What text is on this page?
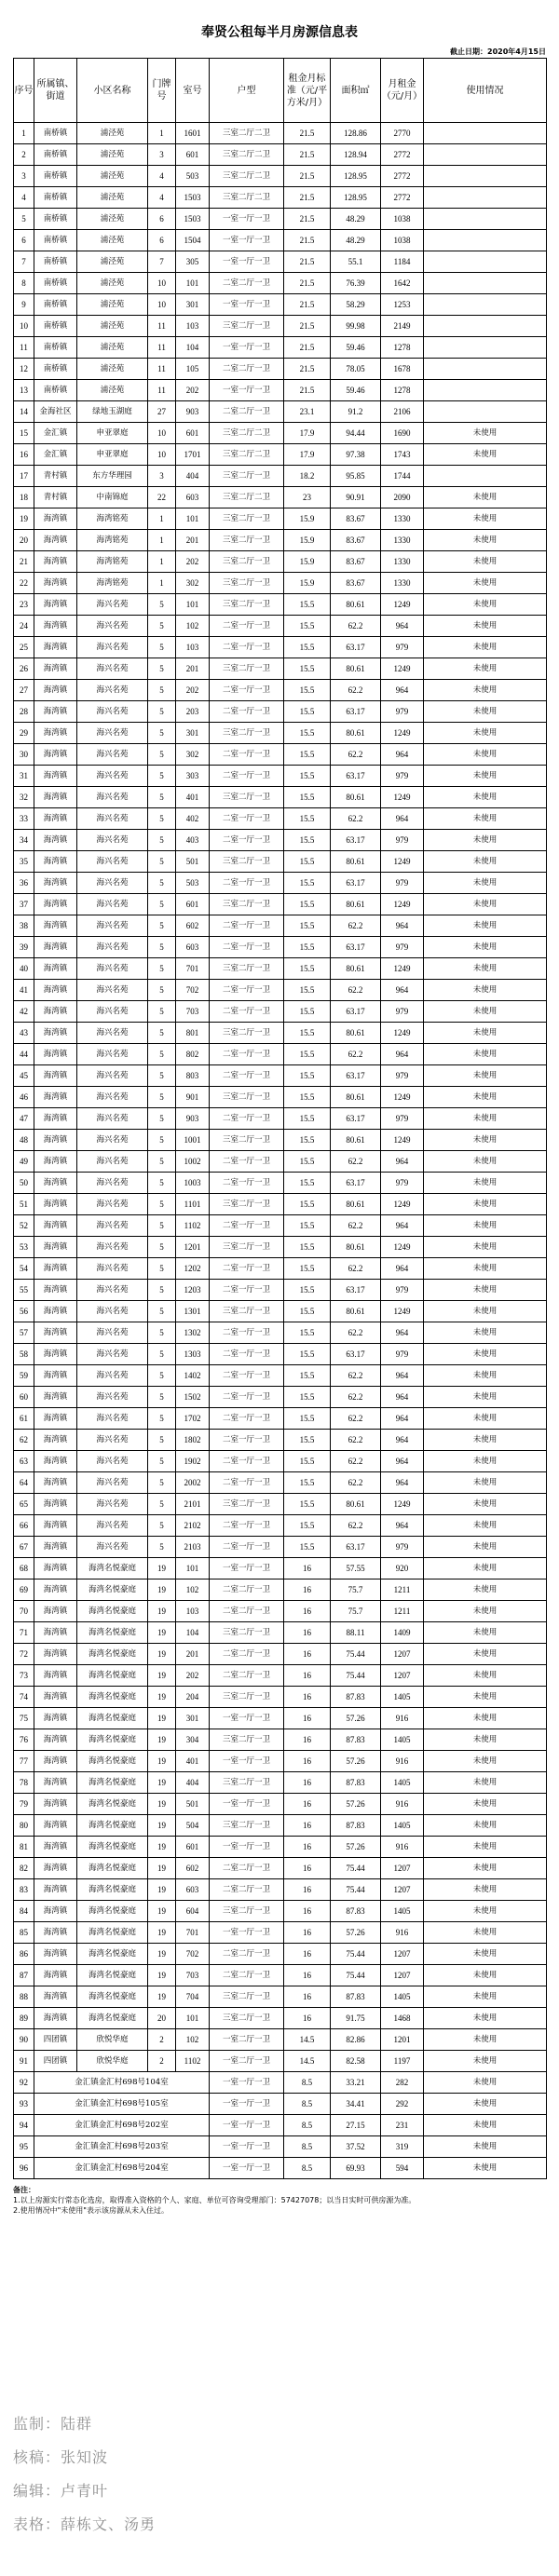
奉贤公租每半月房源信息表
截止日期：2020年4月15日
序号	所属镇、街道	小区名称	门牌号	室号	户型	租金月标准（元/平方米/月）	面积㎡	月租金（元/月）	使用情况
1	南桥镇	浦泾苑	1	1601	三室二厅二卫	21.5	128.86	2770	
2	南桥镇	浦泾苑	3	601	三室二厅二卫	21.5	128.94	2772	
3	南桥镇	浦泾苑	4	503	三室二厅二卫	21.5	128.95	2772	
4	南桥镇	浦泾苑	4	1503	三室二厅二卫	21.5	128.95	2772	
5	南桥镇	浦泾苑	6	1503	一室一厅一卫	21.5	48.29	1038	
6	南桥镇	浦泾苑	6	1504	一室一厅一卫	21.5	48.29	1038	
7	南桥镇	浦泾苑	7	305	一室一厅一卫	21.5	55.1	1184	
8	南桥镇	浦泾苑	10	101	二室二厅一卫	21.5	76.39	1642	
9	南桥镇	浦泾苑	10	301	一室一厅一卫	21.5	58.29	1253	
10	南桥镇	浦泾苑	11	103	三室二厅一卫	21.5	99.98	2149	
11	南桥镇	浦泾苑	11	104	一室一厅一卫	21.5	59.46	1278	
12	南桥镇	浦泾苑	11	105	二室二厅一卫	21.5	78.05	1678	
13	南桥镇	浦泾苑	11	202	一室一厅一卫	21.5	59.46	1278	
14	金海社区	绿地玉湖庭	27	903	二室二厅一卫	23.1	91.2	2106	
15	金汇镇	申亚翠庭	10	601	三室二厅二卫	17.9	94.44	1690	未使用
16	金汇镇	申亚翠庭	10	1701	三室二厅二卫	17.9	97.38	1743	未使用
17	青村镇	东方华理园	3	404	三室二厅一卫	18.2	95.85	1744	
18	青村镇	中南锦庭	22	603	三室二厅二卫	23	90.91	2090	未使用
19	海湾镇	海湾铭苑	1	101	三室二厅一卫	15.9	83.67	1330	未使用
20	海湾镇	海湾铭苑	1	201	三室二厅一卫	15.9	83.67	1330	未使用
21	海湾镇	海湾铭苑	1	202	三室二厅一卫	15.9	83.67	1330	未使用
22	海湾镇	海湾铭苑	1	302	三室二厅一卫	15.9	83.67	1330	未使用
23	海湾镇	海兴名苑	5	101	三室二厅一卫	15.5	80.61	1249	未使用
24	海湾镇	海兴名苑	5	102	二室一厅一卫	15.5	62.2	964	未使用
25	海湾镇	海兴名苑	5	103	二室一厅一卫	15.5	63.17	979	未使用
26	海湾镇	海兴名苑	5	201	三室二厅一卫	15.5	80.61	1249	未使用
27	海湾镇	海兴名苑	5	202	二室一厅一卫	15.5	62.2	964	未使用
28	海湾镇	海兴名苑	5	203	二室一厅一卫	15.5	63.17	979	未使用
29	海湾镇	海兴名苑	5	301	三室二厅一卫	15.5	80.61	1249	未使用
30	海湾镇	海兴名苑	5	302	二室一厅一卫	15.5	62.2	964	未使用
31	海湾镇	海兴名苑	5	303	二室一厅一卫	15.5	63.17	979	未使用
32	海湾镇	海兴名苑	5	401	三室二厅一卫	15.5	80.61	1249	未使用
33	海湾镇	海兴名苑	5	402	二室一厅一卫	15.5	62.2	964	未使用
34	海湾镇	海兴名苑	5	403	二室一厅一卫	15.5	63.17	979	未使用
35	海湾镇	海兴名苑	5	501	三室二厅一卫	15.5	80.61	1249	未使用
36	海湾镇	海兴名苑	5	503	二室一厅一卫	15.5	63.17	979	未使用
37	海湾镇	海兴名苑	5	601	三室二厅一卫	15.5	80.61	1249	未使用
38	海湾镇	海兴名苑	5	602	二室一厅一卫	15.5	62.2	964	未使用
39	海湾镇	海兴名苑	5	603	二室一厅一卫	15.5	63.17	979	未使用
40	海湾镇	海兴名苑	5	701	三室二厅一卫	15.5	80.61	1249	未使用
41	海湾镇	海兴名苑	5	702	二室一厅一卫	15.5	62.2	964	未使用
42	海湾镇	海兴名苑	5	703	二室一厅一卫	15.5	63.17	979	未使用
43	海湾镇	海兴名苑	5	801	三室二厅一卫	15.5	80.61	1249	未使用
44	海湾镇	海兴名苑	5	802	二室一厅一卫	15.5	62.2	964	未使用
45	海湾镇	海兴名苑	5	803	二室一厅一卫	15.5	63.17	979	未使用
46	海湾镇	海兴名苑	5	901	三室二厅一卫	15.5	80.61	1249	未使用
47	海湾镇	海兴名苑	5	903	二室一厅一卫	15.5	63.17	979	未使用
48	海湾镇	海兴名苑	5	1001	三室二厅一卫	15.5	80.61	1249	未使用
49	海湾镇	海兴名苑	5	1002	二室一厅一卫	15.5	62.2	964	未使用
50	海湾镇	海兴名苑	5	1003	二室一厅一卫	15.5	63.17	979	未使用
51	海湾镇	海兴名苑	5	1101	三室二厅一卫	15.5	80.61	1249	未使用
52	海湾镇	海兴名苑	5	1102	二室一厅一卫	15.5	62.2	964	未使用
53	海湾镇	海兴名苑	5	1201	三室二厅一卫	15.5	80.61	1249	未使用
54	海湾镇	海兴名苑	5	1202	二室一厅一卫	15.5	62.2	964	未使用
55	海湾镇	海兴名苑	5	1203	二室一厅一卫	15.5	63.17	979	未使用
56	海湾镇	海兴名苑	5	1301	三室二厅一卫	15.5	80.61	1249	未使用
57	海湾镇	海兴名苑	5	1302	二室一厅一卫	15.5	62.2	964	未使用
58	海湾镇	海兴名苑	5	1303	二室一厅一卫	15.5	63.17	979	未使用
59	海湾镇	海兴名苑	5	1402	二室一厅一卫	15.5	62.2	964	未使用
60	海湾镇	海兴名苑	5	1502	二室一厅一卫	15.5	62.2	964	未使用
61	海湾镇	海兴名苑	5	1702	二室一厅一卫	15.5	62.2	964	未使用
62	海湾镇	海兴名苑	5	1802	二室一厅一卫	15.5	62.2	964	未使用
63	海湾镇	海兴名苑	5	1902	二室一厅一卫	15.5	62.2	964	未使用
64	海湾镇	海兴名苑	5	2002	二室一厅一卫	15.5	62.2	964	未使用
65	海湾镇	海兴名苑	5	2101	三室二厅一卫	15.5	80.61	1249	未使用
66	海湾镇	海兴名苑	5	2102	二室一厅一卫	15.5	62.2	964	未使用
67	海湾镇	海兴名苑	5	2103	二室一厅一卫	15.5	63.17	979	未使用
68	海湾镇	海湾名悦豪庭	19	101	一室一厅一卫	16	57.55	920	未使用
69	海湾镇	海湾名悦豪庭	19	102	二室二厅一卫	16	75.7	1211	未使用
70	海湾镇	海湾名悦豪庭	19	103	二室二厅一卫	16	75.7	1211	未使用
71	海湾镇	海湾名悦豪庭	19	104	三室二厅一卫	16	88.11	1409	未使用
72	海湾镇	海湾名悦豪庭	19	201	二室二厅一卫	16	75.44	1207	未使用
73	海湾镇	海湾名悦豪庭	19	202	二室二厅一卫	16	75.44	1207	未使用
74	海湾镇	海湾名悦豪庭	19	204	三室二厅一卫	16	87.83	1405	未使用
75	海湾镇	海湾名悦豪庭	19	301	一室一厅一卫	16	57.26	916	未使用
76	海湾镇	海湾名悦豪庭	19	304	三室二厅一卫	16	87.83	1405	未使用
77	海湾镇	海湾名悦豪庭	19	401	一室一厅一卫	16	57.26	916	未使用
78	海湾镇	海湾名悦豪庭	19	404	三室二厅一卫	16	87.83	1405	未使用
79	海湾镇	海湾名悦豪庭	19	501	一室一厅一卫	16	57.26	916	未使用
80	海湾镇	海湾名悦豪庭	19	504	三室二厅一卫	16	87.83	1405	未使用
81	海湾镇	海湾名悦豪庭	19	601	一室一厅一卫	16	57.26	916	未使用
82	海湾镇	海湾名悦豪庭	19	602	二室二厅一卫	16	75.44	1207	未使用
83	海湾镇	海湾名悦豪庭	19	603	二室二厅一卫	16	75.44	1207	未使用
84	海湾镇	海湾名悦豪庭	19	604	三室二厅一卫	16	87.83	1405	未使用
85	海湾镇	海湾名悦豪庭	19	701	一室一厅一卫	16	57.26	916	未使用
86	海湾镇	海湾名悦豪庭	19	702	二室二厅一卫	16	75.44	1207	未使用
87	海湾镇	海湾名悦豪庭	19	703	二室二厅一卫	16	75.44	1207	未使用
88	海湾镇	海湾名悦豪庭	19	704	三室二厅一卫	16	87.83	1405	未使用
89	海湾镇	海湾名悦豪庭	20	101	三室二厅一卫	16	91.75	1468	未使用
90	四团镇	欣悦华庭	2	102	一室二厅一卫	14.5	82.86	1201	未使用
91	四团镇	欣悦华庭	2	1102	一室二厅一卫	14.5	82.58	1197	未使用
92	金汇镇金汇村698号104室				一室一厅一卫	8.5	33.21	282	未使用
93	金汇镇金汇村698号105室				一室一厅一卫	8.5	34.41	292	未使用
94	金汇镇金汇村698号202室				一室一厅一卫	8.5	27.15	231	未使用
95	金汇镇金汇村698号203室				一室一厅一卫	8.5	37.52	319	未使用
96	金汇镇金汇村698号204室				一室一厅一卫	8.5	69.93	594	未使用
备注：
1.以上房源实行常态化选房，取得准入资格的个人、家庭、单位可咨询受理部门：57427078；以当日实时可供房源为准。
2.使用情况中"未使用"表示该房源从未入住过。
监制：陆群
核稿：张知波
编辑：卢青叶
表格：薛栋文、汤勇
